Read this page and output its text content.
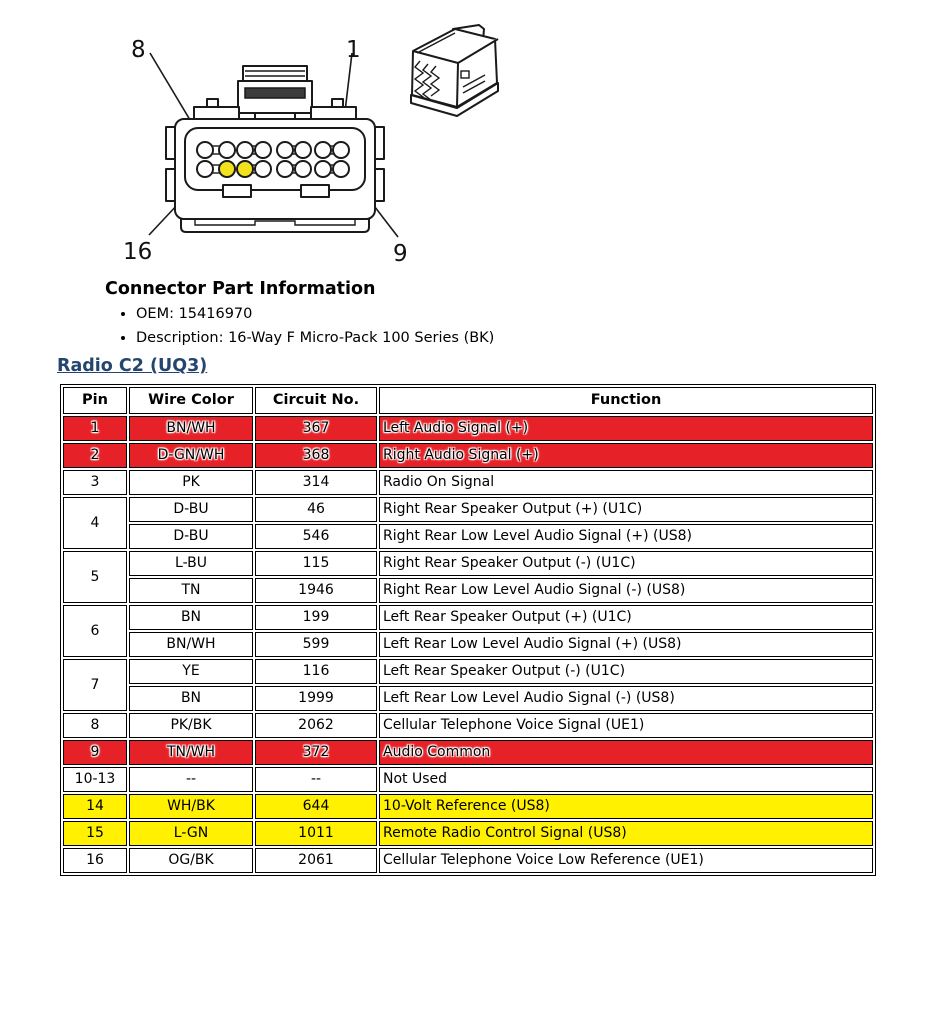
8	1
16	9
Connector Part Information
• OEM: 15416970
• Description: 16-Way F Micro-Pack 100 Series (BK)
Radio C2 (UQ3)
Pin	Wire Color	Circuit No.	Function
1	BN/WH	367	Left Audio Signal (+)
2	D-GN/WH	368	Right Audio Signal (+)
3	PK	314	Radio On Signal
4	D-BU	46	Right Rear Speaker Output (+) (U1C)
	D-BU	546	Right Rear Low Level Audio Signal (+) (US8)
5	L-BU	115	Right Rear Speaker Output (-) (U1C)
	TN	1946	Right Rear Low Level Audio Signal (-) (US8)
6	BN	199	Left Rear Speaker Output (+) (U1C)
	BN/WH	599	Left Rear Low Level Audio Signal (+) (US8)
7	YE	116	Left Rear Speaker Output (-) (U1C)
	BN	1999	Left Rear Low Level Audio Signal (-) (US8)
8	PK/BK	2062	Cellular Telephone Voice Signal (UE1)
9	TN/WH	372	Audio Common
10-13	--	--	Not Used
14	WH/BK	644	10-Volt Reference (US8)
15	L-GN	1011	Remote Radio Control Signal (US8)
16	OG/BK	2061	Cellular Telephone Voice Low Reference (UE1)
